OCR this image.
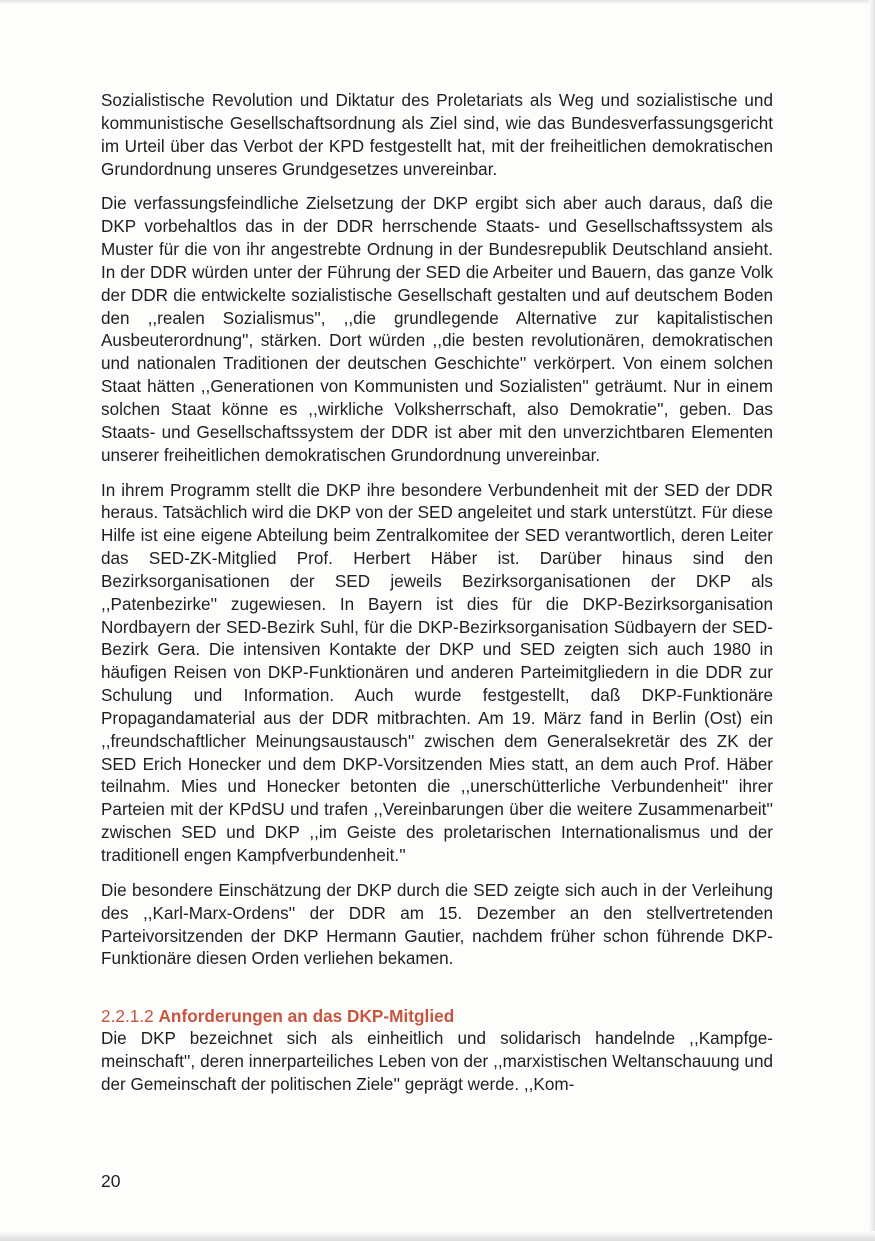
Sozialistische Revolution und Diktatur des Proletariats als Weg und sozialistische und kommunistische Gesellschaftsordnung als Ziel sind, wie das Bundesverfassungsgericht im Urteil über das Verbot der KPD festgestellt hat, mit der freiheitlichen demokratischen Grundordnung unseres Grundgesetzes unvereinbar.

Die verfassungsfeindliche Zielsetzung der DKP ergibt sich aber auch daraus, daß die DKP vorbehaltlos das in der DDR herrschende Staats- und Gesellschaftssystem als Muster für die von ihr angestrebte Ordnung in der Bundesrepublik Deutschland ansieht. In der DDR würden unter der Führung der SED die Arbeiter und Bauern, das ganze Volk der DDR die entwickelte sozialistische Gesellschaft gestalten und auf deutschem Boden den ,,realen Sozialismus'', ,,die grundlegende Alternative zur kapitalistischen Ausbeuterordnung'', stärken. Dort würden ,,die besten revolutionären, demokratischen und nationalen Traditionen der deutschen Geschichte'' verkörpert. Von einem solchen Staat hätten ,,Generationen von Kommunisten und Sozialisten'' geträumt. Nur in einem solchen Staat könne es ,,wirkliche Volksherrschaft, also Demokratie'', geben. Das Staats- und Gesellschaftssystem der DDR ist aber mit den unverzichtbaren Elementen unserer freiheitlichen demokratischen Grundordnung unvereinbar.

In ihrem Programm stellt die DKP ihre besondere Verbundenheit mit der SED der DDR heraus. Tatsächlich wird die DKP von der SED angeleitet und stark unterstützt. Für diese Hilfe ist eine eigene Abteilung beim Zentralkomitee der SED verantwortlich, deren Leiter das SED-ZK-Mitglied Prof. Herbert Häber ist. Darüber hinaus sind den Bezirksorganisationen der SED jeweils Bezirksorganisationen der DKP als ,,Patenbezirke'' zugewiesen. In Bayern ist dies für die DKP-Bezirksorganisation Nordbayern der SED-Bezirk Suhl, für die DKP-Bezirksorganisation Südbayern der SED-Bezirk Gera. Die intensiven Kontakte der DKP und SED zeigten sich auch 1980 in häufigen Reisen von DKP-Funktionären und anderen Parteimitgliedern in die DDR zur Schulung und Information. Auch wurde festgestellt, daß DKP-Funktionäre Propagandamaterial aus der DDR mitbrachten. Am 19. März fand in Berlin (Ost) ein ,,freundschaftlicher Meinungsaustausch'' zwischen dem Generalsekretär des ZK der SED Erich Honecker und dem DKP-Vorsitzenden Mies statt, an dem auch Prof. Häber teilnahm. Mies und Honecker betonten die ,,unerschütterliche Verbundenheit'' ihrer Parteien mit der KPdSU und trafen ,,Vereinbarungen über die weitere Zusammenarbeit'' zwischen SED und DKP ,,im Geiste des proletarischen Internationalismus und der traditionell engen Kampfverbundenheit.''

Die besondere Einschätzung der DKP durch die SED zeigte sich auch in der Verleihung des ,,Karl-Marx-Ordens'' der DDR am 15. Dezember an den stellvertretenden Parteivorsitzenden der DKP Hermann Gautier, nachdem früher schon führende DKP-Funktionäre diesen Orden verliehen bekamen.

2.2.1.2 Anforderungen an das DKP-Mitglied

Die DKP bezeichnet sich als einheitlich und solidarisch handelnde ,,Kampfgemeinschaft'', deren innerparteiliches Leben von der ,,marxistischen Weltanschauung und der Gemeinschaft der politischen Ziele'' geprägt werde. ,,Kom-

20
